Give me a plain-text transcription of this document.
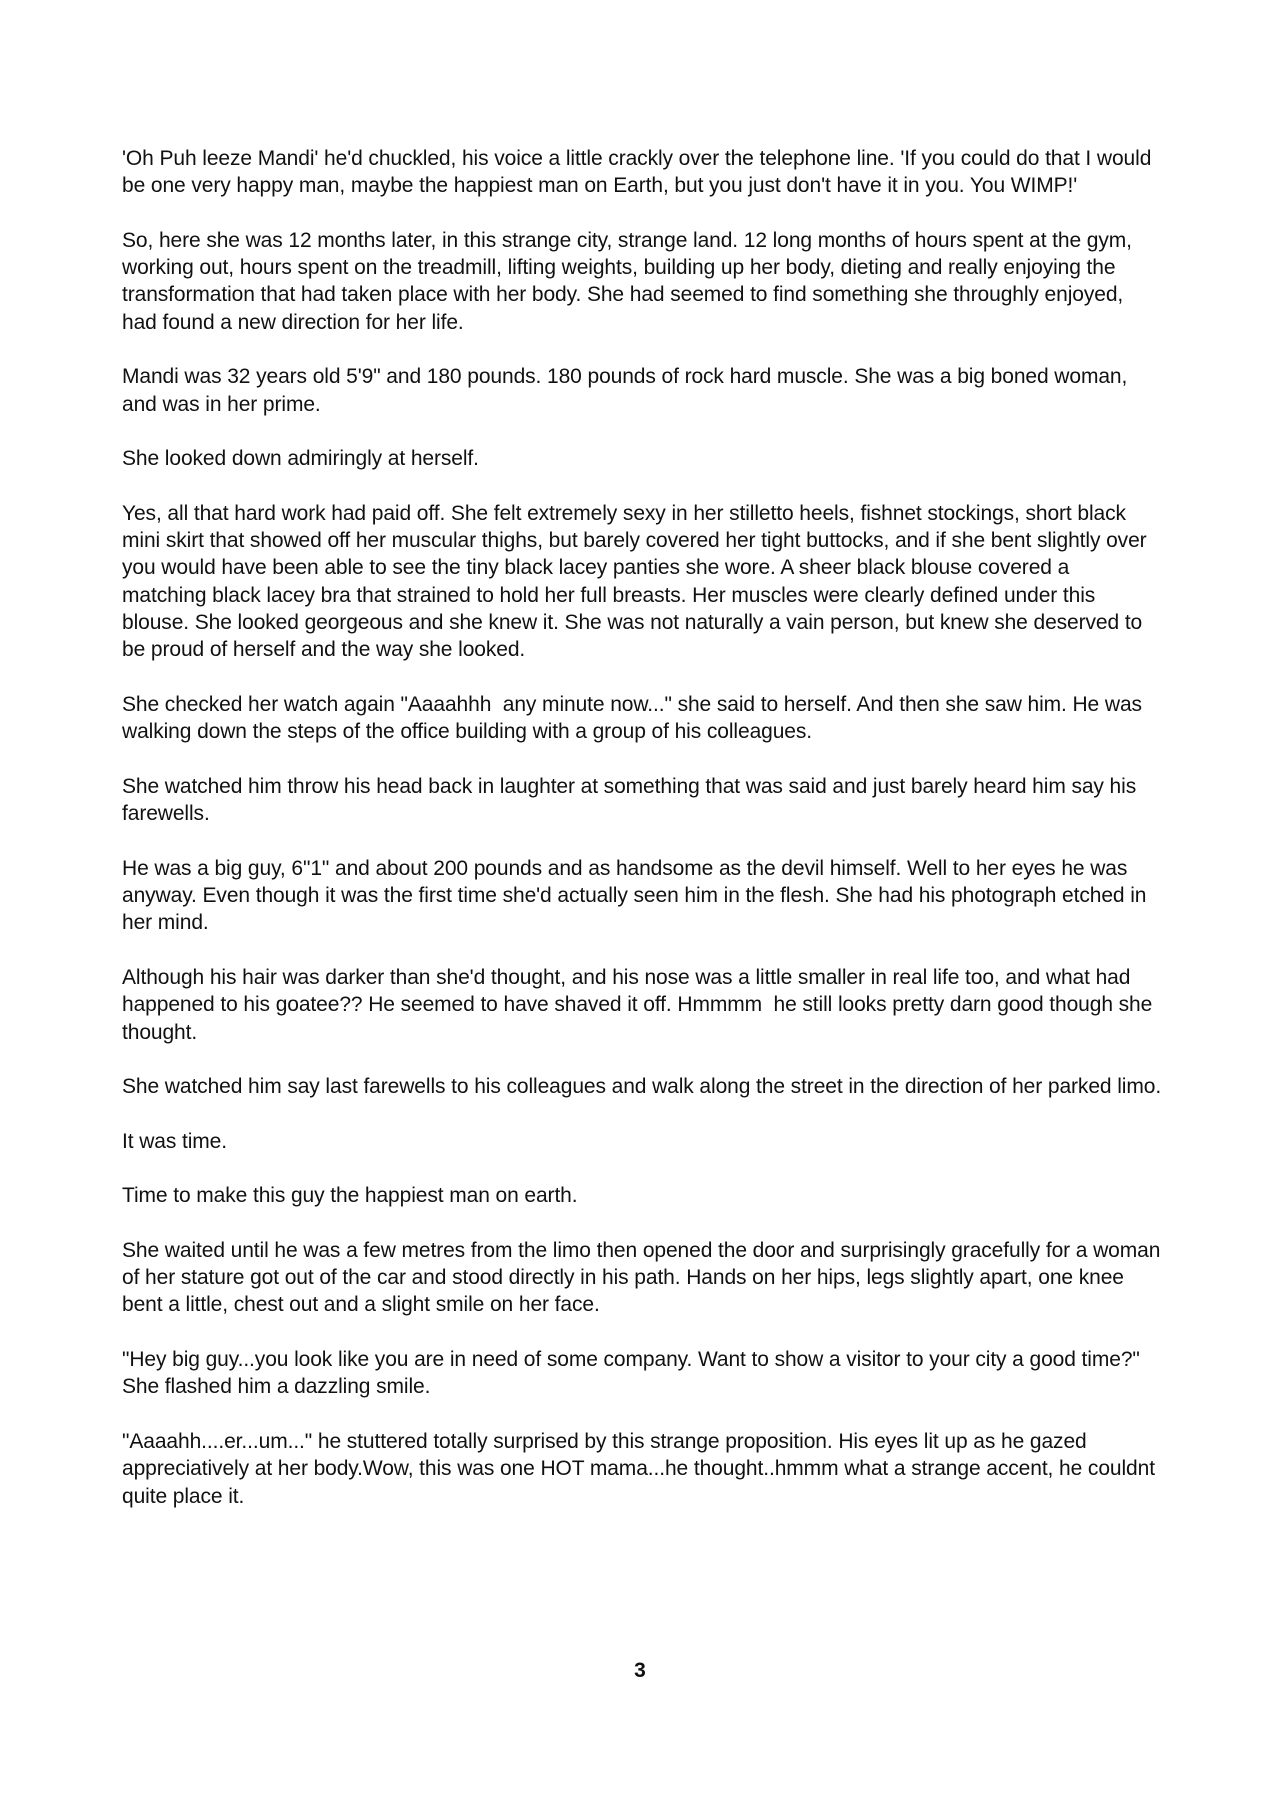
'Oh Puh leeze Mandi' he'd chuckled, his voice a little crackly over the telephone line. 'If you could do that I would be one very happy man, maybe the happiest man on Earth, but you just don't have it in you. You WIMP!'

So, here she was 12 months later, in this strange city, strange land. 12 long months of hours spent at the gym, working out, hours spent on the treadmill, lifting weights, building up her body, dieting and really enjoying the transformation that had taken place with her body. She had seemed to find something she throughly enjoyed, had found a new direction for her life.

Mandi was 32 years old 5'9" and 180 pounds. 180 pounds of rock hard muscle. She was a big boned woman, and was in her prime.

She looked down admiringly at herself.

Yes, all that hard work had paid off. She felt extremely sexy in her stilletto heels, fishnet stockings, short black mini skirt that showed off her muscular thighs, but barely covered her tight buttocks, and if she bent slightly over you would have been able to see the tiny black lacey panties she wore. A sheer black blouse covered a  matching black lacey bra that strained to hold her full breasts. Her muscles were clearly defined under this blouse. She looked georgeous and she knew it. She was not naturally a vain person, but knew she deserved to be proud of herself and the way she looked.

She checked her watch again "Aaaahhh  any minute now..." she said to herself. And then she saw him. He was walking down the steps of the office building with a group of his colleagues.

She watched him throw his head back in laughter at something that was said and just barely heard him say his farewells.

He was a big guy, 6"1" and about 200 pounds and as handsome as the devil himself. Well to her eyes he was anyway. Even though it was the first time she'd actually seen him in the flesh. She had his photograph etched in her mind.

Although his hair was darker than she'd thought, and his nose was a little smaller in real life too, and what had happened to his goatee?? He seemed to have shaved it off. Hmmmm  he still looks pretty darn good though she thought.

She watched him say last farewells to his colleagues and walk along the street in the direction of her parked limo.

It was time.

Time to make this guy the happiest man on earth.

She waited until he was a few metres from the limo then opened the door and surprisingly gracefully for a woman of her stature got out of the car and stood directly in his path. Hands on her hips, legs slightly apart, one knee bent a little, chest out and a slight smile on her face.

"Hey big guy...you look like you are in need of some company. Want to show a visitor to your city a good time?" She flashed him a dazzling smile.

"Aaaahh....er...um..." he stuttered totally surprised by this strange proposition. His eyes lit up as he gazed appreciatively at her body.Wow, this was one HOT mama...he thought..hmmm what a strange accent, he couldnt quite place it.

3
